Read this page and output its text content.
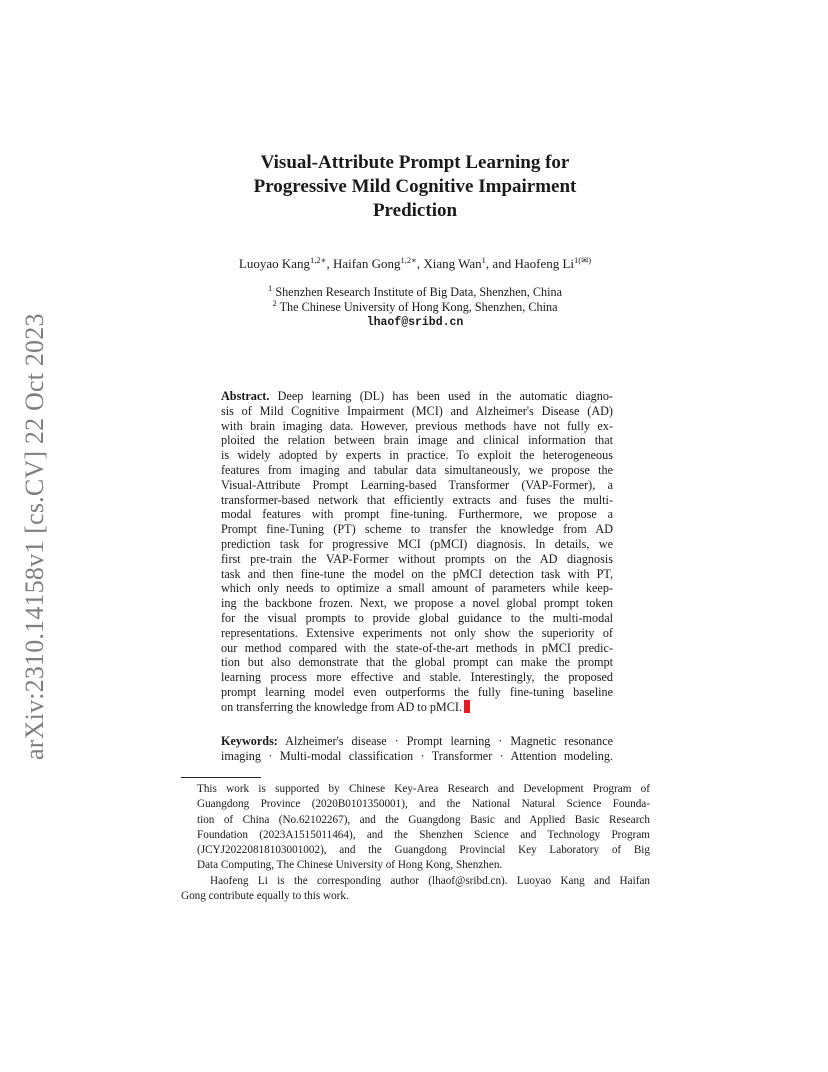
arXiv:2310.14158v1 [cs.CV] 22 Oct 2023
Visual-Attribute Prompt Learning for
Progressive Mild Cognitive Impairment
Prediction
Luoyao Kang$^{1,2∗}$, Haifan Gong$^{1,2∗}$, Xiang Wan$^1$, and Haofeng $Li^{1(✉)}$
$^1$ Shenzhen Research Institute of Big Data, Shenzhen, China
$^2$ The Chinese University of Hong Kong, Shenzhen, China
lhaof@sribd.cn
Abstract. Deep learning (DL) has been used in the automatic diagno-
sis of Mild Cognitive Impairment (MCI) and Alzheimer's Disease (AD)
with brain imaging data. However, previous methods have not fully ex-
ploited the relation between brain image and clinical information that
is widely adopted by experts in practice. To exploit the heterogeneous
features from imaging and tabular data simultaneously, we propose the
Visual-Attribute Prompt Learning-based Transformer (VAP-Former), a
transformer-based network that efficiently extracts and fuses the multi-
modal features with prompt fine-tuning. Furthermore, we propose a
Prompt fine-Tuning (PT) scheme to transfer the knowledge from AD
prediction task for progressive MCI (pMCI) diagnosis. In details, we
first pre-train the VAP-Former without prompts on the AD diagnosis
task and then fine-tune the model on the pMCI detection task with PT,
which only needs to optimize a small amount of parameters while keep-
ing the backbone frozen. Next, we propose a novel global prompt token
for the visual prompts to provide global guidance to the multi-modal
representations. Extensive experiments not only show the superiority of
our method compared with the state-of-the-art methods in pMCI predic-
tion but also demonstrate that the global prompt can make the prompt
learning process more effective and stable. Interestingly, the proposed
prompt learning model even outperforms the fully fine-tuning baseline
on transferring the knowledge from AD to pMCI.
Keywords: Alzheimer's disease · Prompt learning · Magnetic resonance
imaging · Multi-modal classification · Transformer · Attention modeling.
This work is supported by Chinese Key-Area Research and Development Program of
Guangdong Province (2020B0101350001), and the National Natural Science Founda-
tion of China (No.62102267), and the Guangdong Basic and Applied Basic Research
Foundation (2023A1515011464), and the Shenzhen Science and Technology Program
(JCYJ20220818103001002), and the Guangdong Provincial Key Laboratory of Big
Data Computing, The Chinese University of Hong Kong, Shenzhen.
Haofeng Li is the corresponding author (lhaof@sribd.cn). Luoyao Kang and Haifan
Gong contribute equally to this work.
